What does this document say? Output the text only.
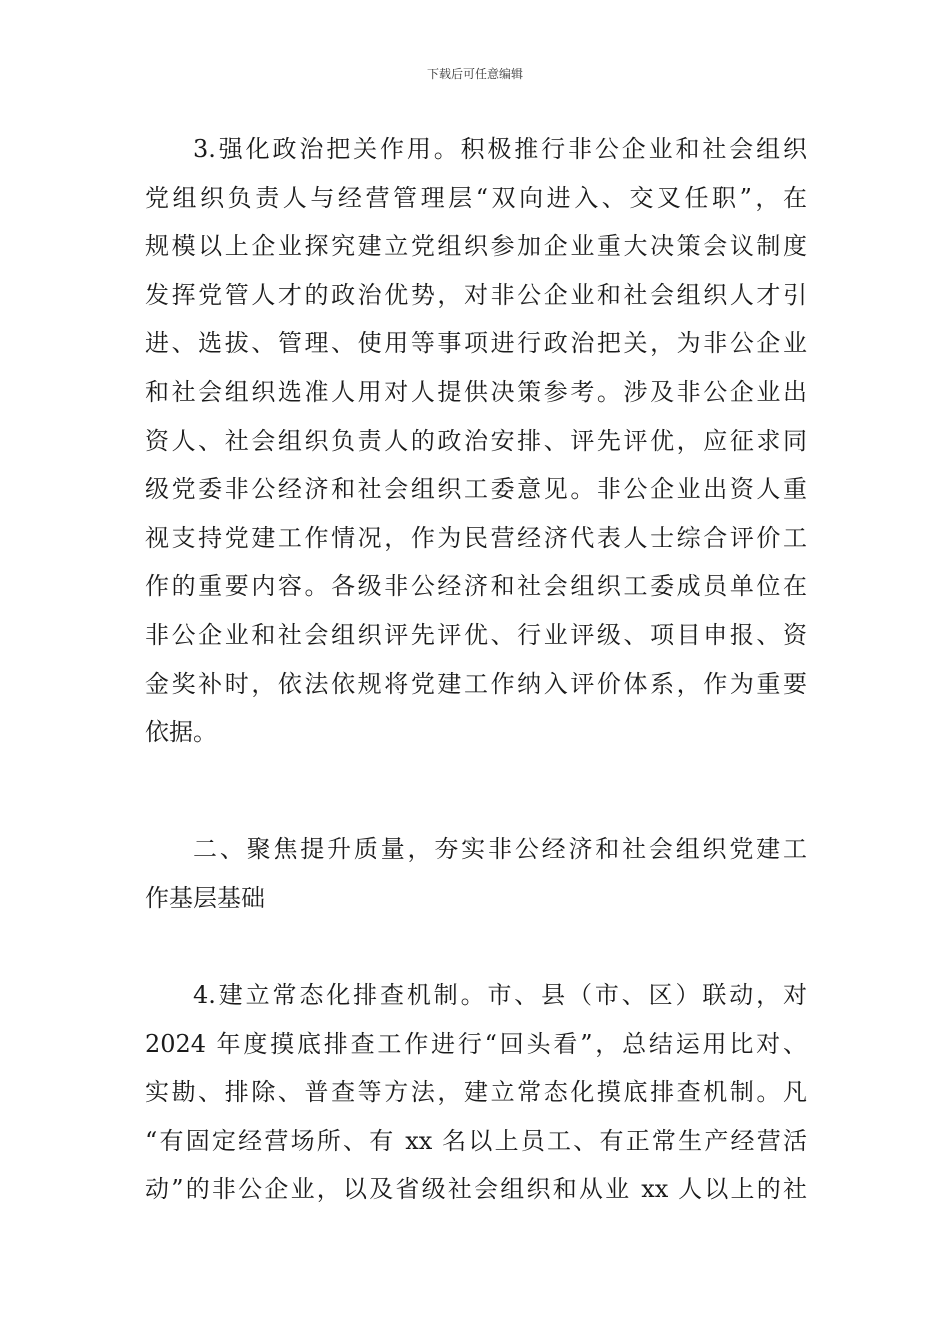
下载后可任意编辑
3.强化政治把关作用。积极推行非公企业和社会组织
党组织负责人与经营管理层“双向进入、交叉任职”，在
规模以上企业探究建立党组织参加企业重大决策会议制度
发挥党管人才的政治优势，对非公企业和社会组织人才引
进、选拔、管理、使用等事项进行政治把关，为非公企业
和社会组织选准人用对人提供决策参考。涉及非公企业出
资人、社会组织负责人的政治安排、评先评优，应征求同
级党委非公经济和社会组织工委意见。非公企业出资人重
视支持党建工作情况，作为民营经济代表人士综合评价工
作的重要内容。各级非公经济和社会组织工委成员单位在
非公企业和社会组织评先评优、行业评级、项目申报、资
金奖补时，依法依规将党建工作纳入评价体系，作为重要
依据。
二、聚焦提升质量，夯实非公经济和社会组织党建工
作基层基础
4.建立常态化排查机制。市、县（市、区）联动，对
2024 年度摸底排查工作进行“回头看”，总结运用比对、
实勘、排除、普查等方法，建立常态化摸底排查机制。凡
“有固定经营场所、有 xx 名以上员工、有正常生产经营活
动”的非公企业，以及省级社会组织和从业 xx 人以上的社
